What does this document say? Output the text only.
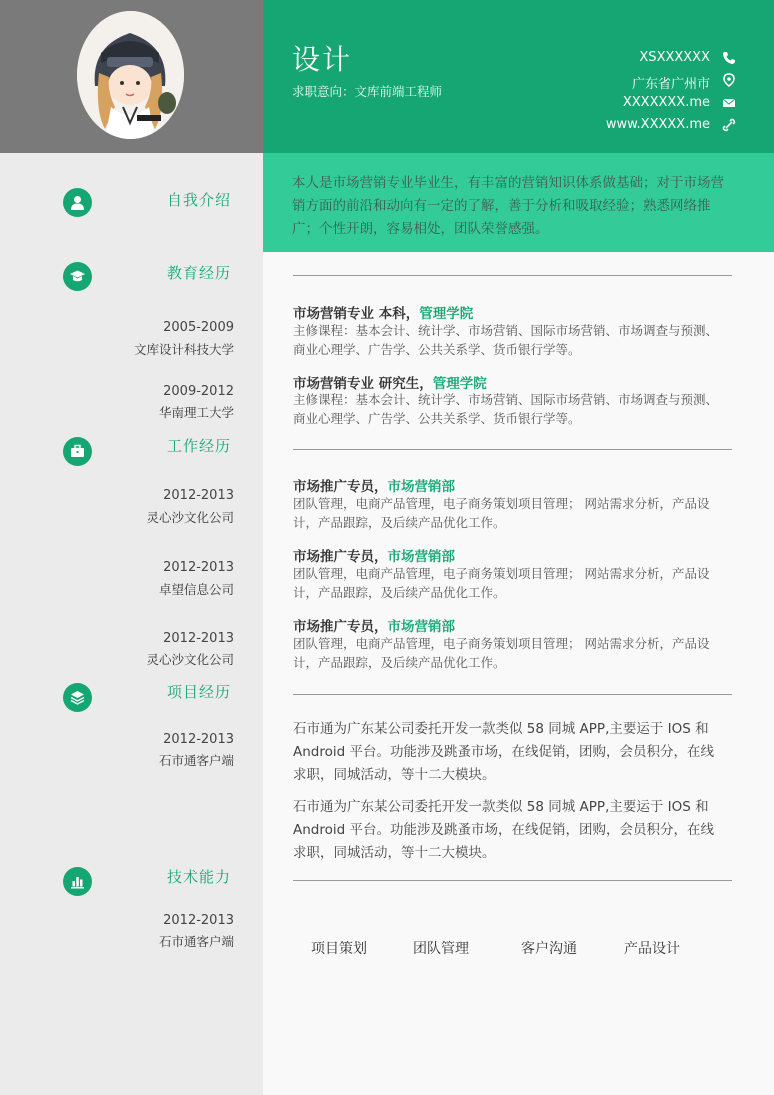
设计
求职意向：文库前端工程师
XSXXXXXX
广东省广州市
XXXXXXX.me
www.XXXXX.me
本人是市场营销专业毕业生，有丰富的营销知识体系做基础；对于市场营销方面的前沿和动向有一定的了解，善于分析和吸取经验；熟悉网络推广；个性开朗，容易相处，团队荣誉感强。
自我介绍
教育经历
2005-2009
文库设计科技大学
2009-2012
华南理工大学
工作经历
2012-2013
灵心沙文化公司
2012-2013
卓望信息公司
2012-2013
灵心沙文化公司
项目经历
2012-2013
石市通客户端
技术能力
2012-2013
石市通客户端
市场营销专业 本科，管理学院
主修课程：基本会计、统计学、市场营销、国际市场营销、市场调查与预测、商业心理学、广告学、公共关系学、货币银行学等。
市场营销专业 研究生，管理学院
主修课程：基本会计、统计学、市场营销、国际市场营销、市场调查与预测、商业心理学、广告学、公共关系学、货币银行学等。
市场推广专员，市场营销部
团队管理，电商产品管理，电子商务策划项目管理； 网站需求分析，产品设计，产品跟踪，及后续产品优化工作。
市场推广专员，市场营销部
团队管理，电商产品管理，电子商务策划项目管理； 网站需求分析，产品设计，产品跟踪，及后续产品优化工作。
市场推广专员，市场营销部
团队管理，电商产品管理，电子商务策划项目管理； 网站需求分析，产品设计，产品跟踪，及后续产品优化工作。
石市通为广东某公司委托开发一款类似 58 同城 APP,主要运于 IOS 和 Android 平台。功能涉及跳蚤市场，在线促销，团购，会员积分，在线求职，同城活动，等十二大模块。
石市通为广东某公司委托开发一款类似 58 同城 APP,主要运于 IOS 和 Android 平台。功能涉及跳蚤市场，在线促销，团购，会员积分，在线求职，同城活动，等十二大模块。
项目策划	团队管理	客户沟通	产品设计
